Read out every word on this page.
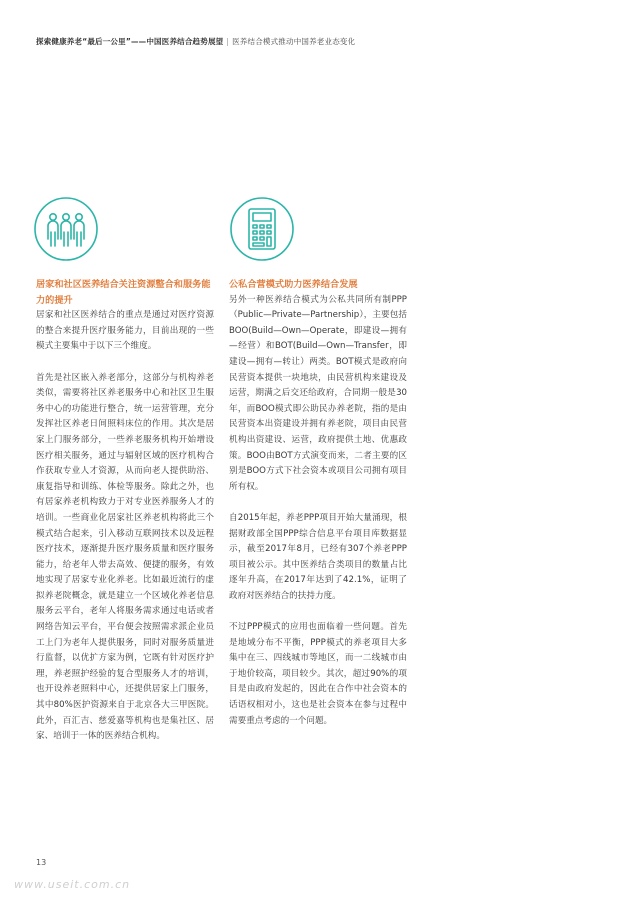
探索健康养老“最后一公里”——中国医养结合趋势展望 | 医养结合模式推动中国养老业态变化
居家和社区医养结合关注资源整合和服务能力的提升

居家和社区医养结合的重点是通过对医疗资源的整合来提升医疗服务能力，目前出现的一些模式主要集中于以下三个维度。

首先是社区嵌入养老部分，这部分与机构养老类似，需要将社区养老服务中心和社区卫生服务中心的功能进行整合，统一运营管理，充分发挥社区养老日间照料床位的作用。其次是居家上门服务部分，一些养老服务机构开始增设医疗相关服务，通过与辐射区域的医疗机构合作获取专业人才资源，从而向老人提供助浴、康复指导和训练、体检等服务。除此之外，也有居家养老机构致力于对专业医养服务人才的培训。一些商业化居家社区养老机构将此三个模式结合起来，引入移动互联网技术以及远程医疗技术，逐渐提升医疗服务质量和医疗服务能力，给老年人带去高效、便捷的服务，有效地实现了居家专业化养老。比如最近流行的虚拟养老院概念，就是建立一个区域化养老信息服务云平台，老年人将服务需求通过电话或者网络告知云平台，平台便会按照需求派企业员工上门为老年人提供服务，同时对服务质量进行监督，以优扩方家为例，它既有针对医疗护理，养老照护经验的复合型服务人才的培训，也开设养老照料中心，还提供居家上门服务，其中80%医护资源来自于北京各大三甲医院。此外，百汇吉、慈爱嘉等机构也是集社区、居家、培训于一体的医养结合机构。

公私合营模式助力医养结合发展

另外一种医养结合模式为公私共同所有制PPP（Public—Private—Partnership），主要包括BOO(Build—Own—Operate，即建设—拥有—经营）和BOT(Build—Own—Transfer，即建设—拥有—转让）两类。BOT模式是政府向民营资本提供一块地块，由民营机构来建设及运营，期满之后交还给政府，合同期一般是30年，而BOO模式即公助民办养老院，指的是由民营资本出资建设并拥有养老院，项目由民营机构出资建设、运营，政府提供土地、优惠政策。BOO由BOT方式演变而来，二者主要的区别是BOO方式下社会资本或项目公司拥有项目所有权。

自2015年起，养老PPP项目开始大量涌现，根据财政部全国PPP综合信息平台项目库数据显示，截至2017年8月，已经有307个养老PPP项目被公示。其中医养结合类项目的数量占比逐年升高，在2017年达到了42.1%，证明了政府对医养结合的扶持力度。

不过PPP模式的应用也面临着一些问题。首先是地域分布不平衡，PPP模式的养老项目大多集中在三、四线城市等地区，而一二线城市由于地价较高，项目较少。其次，超过90%的项目是由政府发起的，因此在合作中社会资本的话语权相对小，这也是社会资本在参与过程中需要重点考虑的一个问题。

13
www.useit.com.cn
